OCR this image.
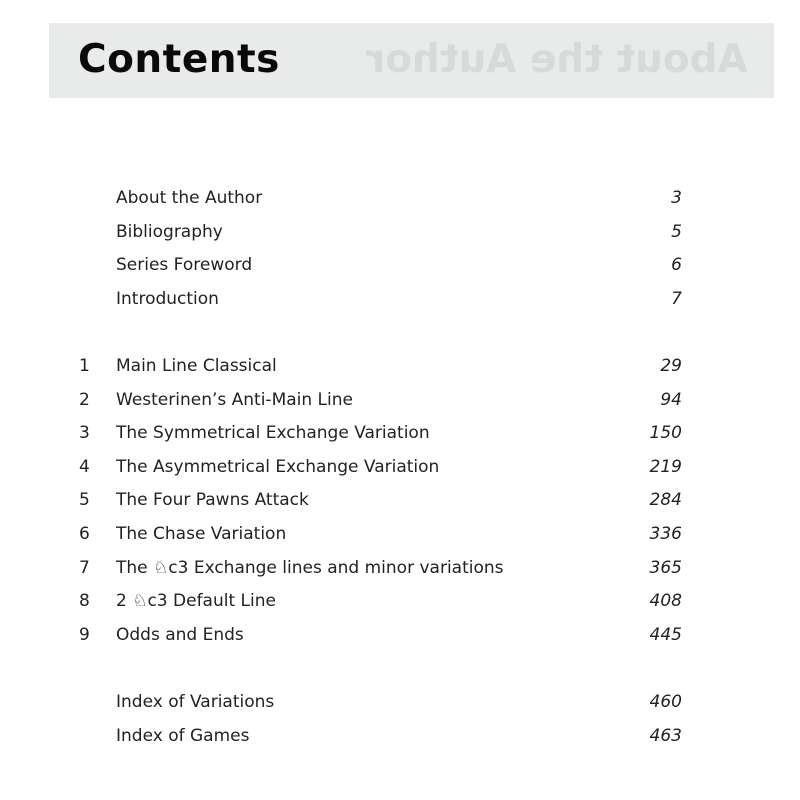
Contents About the Author
About the Author	3
Bibliography	5
Series Foreword	6
Introduction	7
1	Main Line Classical	29
2	Westerinen’s Anti-Main Line	94
3	The Symmetrical Exchange Variation	150
4	The Asymmetrical Exchange Variation	219
5	The Four Pawns Attack	284
6	The Chase Variation	336
7	The ♘c3 Exchange lines and minor variations	365
8	2 ♘c3 Default Line	408
9	Odds and Ends	445
Index of Variations	460
Index of Games	463
